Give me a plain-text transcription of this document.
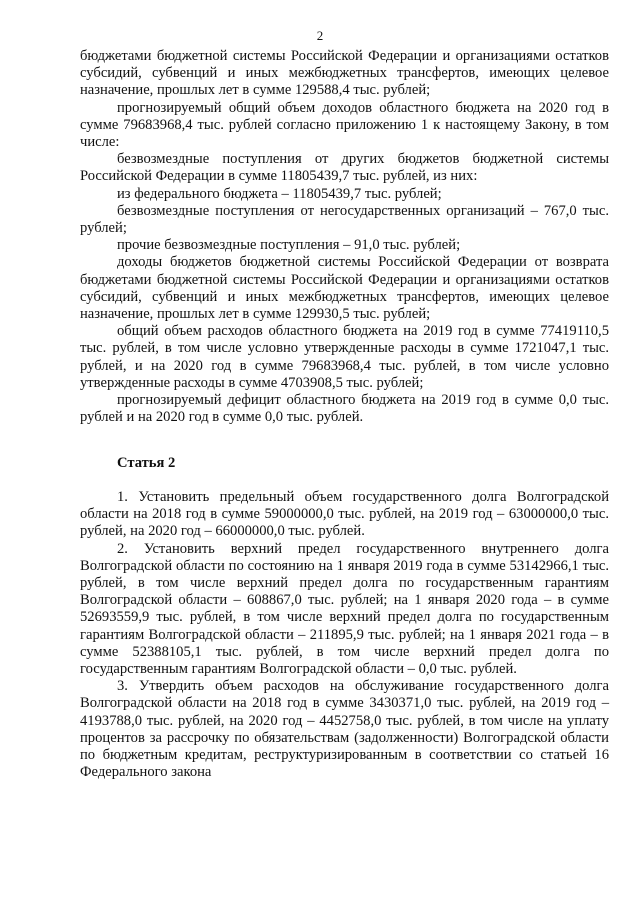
2

бюджетами бюджетной системы Российской Федерации и организациями остатков субсидий, субвенций и иных межбюджетных трансфертов, имеющих целевое назначение, прошлых лет в сумме 129588,4 тыс. рублей;

прогнозируемый общий объем доходов областного бюджета на 2020 год в сумме 79683968,4 тыс. рублей согласно приложению 1 к настоящему Закону, в том числе:

безвозмездные поступления от других бюджетов бюджетной системы Российской Федерации в сумме 11805439,7 тыс. рублей, из них:

из федерального бюджета – 11805439,7 тыс. рублей;

безвозмездные поступления от негосударственных организаций – 767,0 тыс. рублей;

прочие безвозмездные поступления – 91,0 тыс. рублей;

доходы бюджетов бюджетной системы Российской Федерации от возврата бюджетами бюджетной системы Российской Федерации и организациями остатков субсидий, субвенций и иных межбюджетных трансфертов, имеющих целевое назначение, прошлых лет в сумме 129930,5 тыс. рублей;

общий объем расходов областного бюджета на 2019 год в сумме 77419110,5 тыс. рублей, в том числе условно утвержденные расходы в сумме 1721047,1 тыс. рублей, и на 2020 год в сумме 79683968,4 тыс. рублей, в том числе условно утвержденные расходы в сумме 4703908,5 тыс. рублей;

прогнозируемый дефицит областного бюджета на 2019 год в сумме 0,0 тыс. рублей и на 2020 год в сумме 0,0 тыс. рублей.

Статья 2

1. Установить предельный объем государственного долга Волгоградской области на 2018 год в сумме 59000000,0 тыс. рублей, на 2019 год – 63000000,0 тыс. рублей, на 2020 год – 66000000,0 тыс. рублей.

2. Установить верхний предел государственного внутреннего долга Волгоградской области по состоянию на 1 января 2019 года в сумме 53142966,1 тыс. рублей, в том числе верхний предел долга по государственным гарантиям Волгоградской области – 608867,0 тыс. рублей; на 1 января 2020 года – в сумме 52693559,9 тыс. рублей, в том числе верхний предел долга по государственным гарантиям Волгоградской области – 211895,9 тыс. рублей; на 1 января 2021 года – в сумме 52388105,1 тыс. рублей, в том числе верхний предел долга по государственным гарантиям Волгоградской области – 0,0 тыс. рублей.

3. Утвердить объем расходов на обслуживание государственного долга Волгоградской области на 2018 год в сумме 3430371,0 тыс. рублей, на 2019 год – 4193788,0 тыс. рублей, на 2020 год – 4452758,0 тыс. рублей, в том числе на уплату процентов за рассрочку по обязательствам (задолженности) Волгоградской области по бюджетным кредитам, реструктуризированным в соответствии со статьей 16 Федерального закона
